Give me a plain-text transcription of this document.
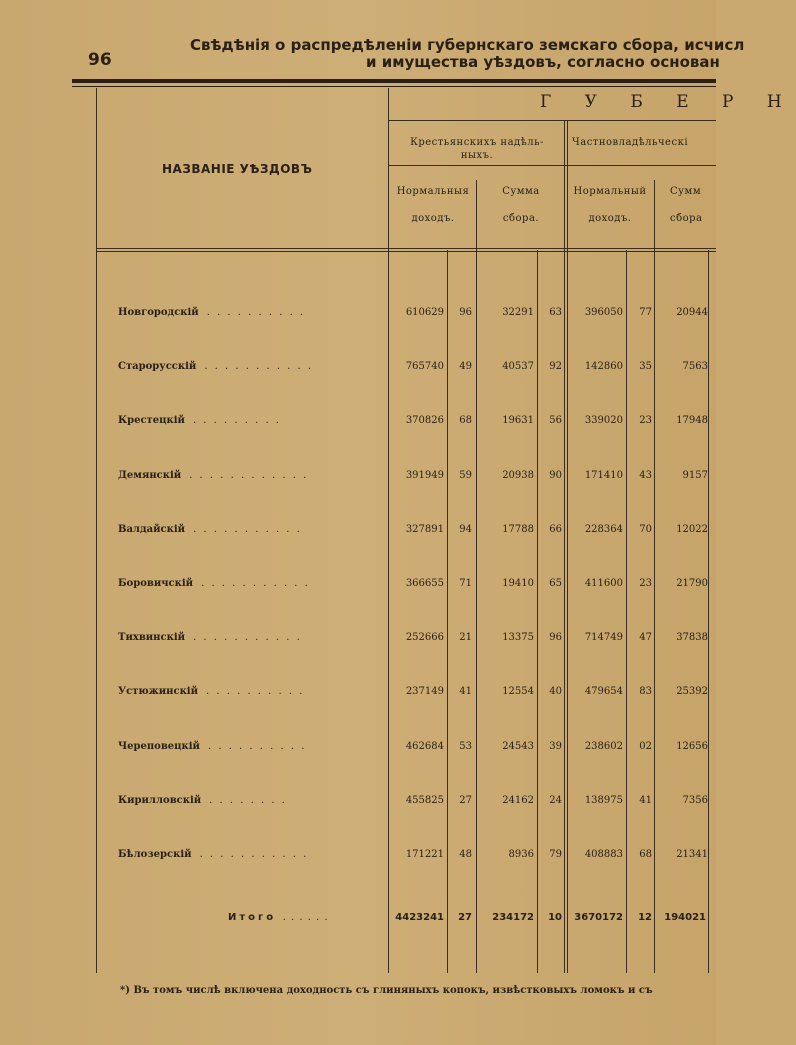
96
Свѣдѣнія о распредѣленіи губернскаго земскаго сбора, исчисл
и имущества уѣздовъ, согласно основан
НАЗВАНІЕ УѢЗДОВЪ
Г У Б Е Р Н
Крестьянскихъ надѣль-
ныхъ.
Частновладѣльческі
Нормальныя
доходъ.
Сумма
сбора.
Нормальный
доходъ.
Сумм
сбора
Новгородскій . . . . . . . . . .	610629	96	32291	63	396050	77	20944
Старорусскій . . . . . . . . . . .	765740	49	40537	92	142860	35	7563
Крестецкій . . . . . . . . .	370826	68	19631	56	339020	23	17948
Демянскій . . . . . . . . . . . .	391949	59	20938	90	171410	43	9157
Валдайскій . . . . . . . . . . .	327891	94	17788	66	228364	70	12022
Боровичскій . . . . . . . . . . .	366655	71	19410	65	411600	23	21790
Тихвинскій . . . . . . . . . . .	252666	21	13375	96	714749	47	37838
Устюжинскій . . . . . . . . . .	237149	41	12554	40	479654	83	25392
Череповецкій . . . . . . . . . .	462684	53	24543	39	238602	02	12656
Кирилловскій . . . . . . . .	455825	27	24162	24	138975	41	7356
Бѣлозерскій . . . . . . . . . . .	171221	48	8936	79	408883	68	21341
Итого . . . . . .	4423241	27	234172	10	3670172	12	194021
*) Въ томъ числѣ включена доходность съ глиняныхъ копокъ, извѣстковыхъ ломокъ и съ
